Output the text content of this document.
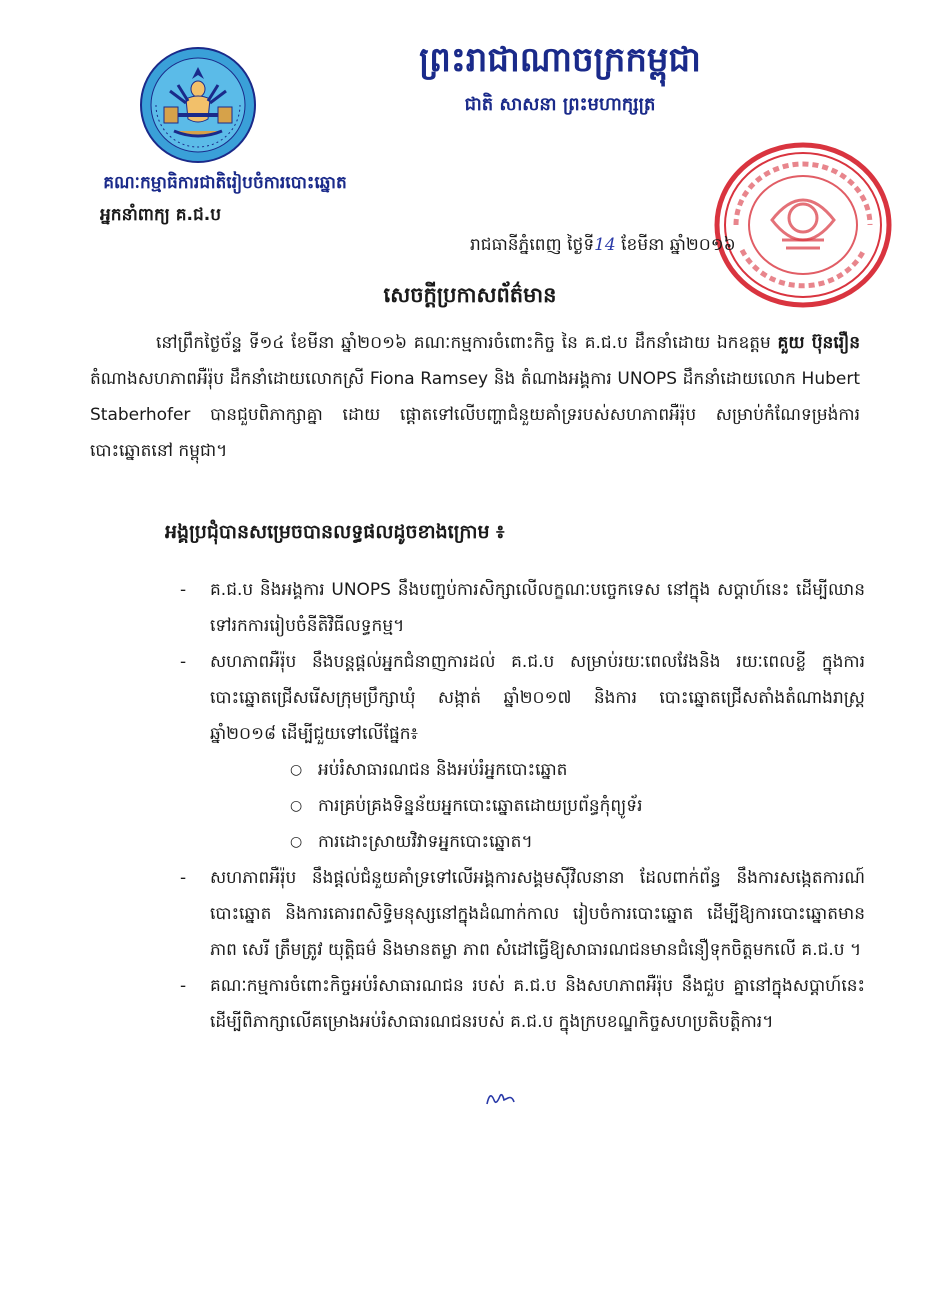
គណៈកម្មាធិការជាតិរៀបចំការបោះឆ្នោត
អ្នកនាំពាក្យ គ.ជ.ប
ព្រះរាជាណាចក្រកម្ពុជា
ជាតិ សាសនា ព្រះមហាក្សត្រ
រាជធានីភ្នំពេញ ថ្ងៃទី14 ខែមីនា ឆ្នាំ២០១៦
សេចក្តីប្រកាសព័ត៌មាន
នៅព្រឹកថ្ងៃច័ន្ទ ទី១៤ ខែមីនា ឆ្នាំ២០១៦ គណៈកម្មការចំពោះកិច្ច នៃ គ.ជ.ប ដឹកនាំដោយ ឯកឧត្តម គួយ ប៊ុនរឿន តំណាងសហភាពអឺរ៉ុប ដឹកនាំដោយលោកស្រី Fiona Ramsey និង តំណាងអង្គការ UNOPS ដឹកនាំដោយលោក Hubert Staberhofer បានជួបពិភាក្សាគ្នា ដោយ ផ្តោតទៅលើបញ្ហាជំនួយគាំទ្ររបស់សហភាពអឺរ៉ុប សម្រាប់កំណែទម្រង់ការបោះឆ្នោតនៅ កម្ពុជា។
អង្គប្រជុំបានសម្រេចបានលទ្ធផលដូចខាងក្រោម ៖
- គ.ជ.ប និងអង្គការ UNOPS នឹងបញ្ចប់ការសិក្សាលើលក្ខណៈបច្ចេកទេស នៅក្នុង សប្តាហ៍នេះ ដើម្បីឈានទៅរកការរៀបចំនីតិវិធីលទ្ធកម្ម។
- សហភាពអឺរ៉ុប នឹងបន្តផ្តល់អ្នកជំនាញការដល់ គ.ជ.ប សម្រាប់រយៈពេលវែងនិង រយៈពេលខ្លី ក្នុងការបោះឆ្នោតជ្រើសរើសក្រុមប្រឹក្សាឃុំ សង្កាត់ ឆ្នាំ២០១៧ និងការ បោះឆ្នោតជ្រើសតាំងតំណាងរាស្ត្រ ឆ្នាំ២០១៨ ដើម្បីជួយទៅលើផ្នែក៖
○ អប់រំសាធារណជន និងអប់រំអ្នកបោះឆ្នោត
○ ការគ្រប់គ្រងទិន្នន័យអ្នកបោះឆ្នោតដោយប្រព័ន្ធកុំព្យូទ័រ
○ ការដោះស្រាយវិវាទអ្នកបោះឆ្នោត។
- សហភាពអឺរ៉ុប នឹងផ្តល់ជំនួយគាំទ្រទៅលើអង្គការសង្គមស៊ីវិលនានា ដែលពាក់ព័ន្ធ នឹងការសង្កេតការណ៍បោះឆ្នោត និងការគោរពសិទ្ធិមនុស្សនៅក្នុងដំណាក់កាល រៀបចំការបោះឆ្នោត ដើម្បីឱ្យការបោះឆ្នោតមានភាព សេរី ត្រឹមត្រូវ យុត្តិធម៌ និងមានតម្លា ភាព សំដៅធ្វើឱ្យសាធារណជនមានជំនឿទុកចិត្តមកលើ គ.ជ.ប ។
- គណៈកម្មការចំពោះកិច្ចអប់រំសាធារណជន របស់ គ.ជ.ប និងសហភាពអឺរ៉ុប នឹងជួប គ្នានៅក្នុងសប្តាហ៍នេះ ដើម្បីពិភាក្សាលើគម្រោងអប់រំសាធារណជនរបស់ គ.ជ.ប ក្នុងក្របខណ្ឌកិច្ចសហប្រតិបត្តិការ។
